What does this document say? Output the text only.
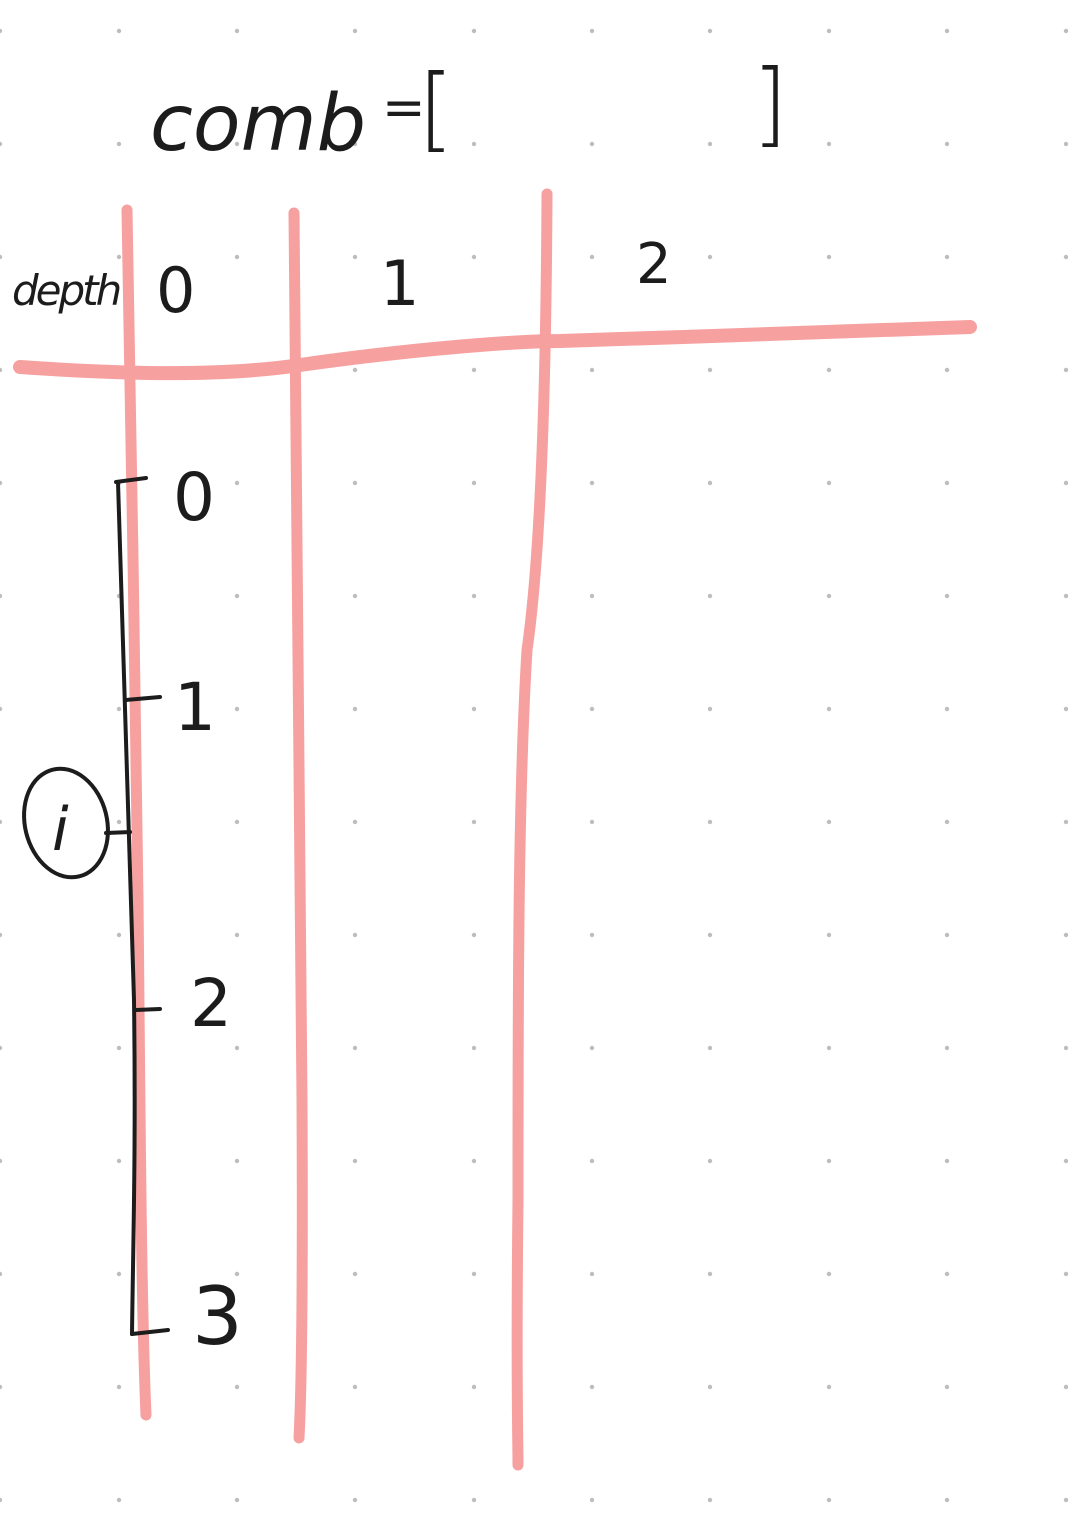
comb =
[	]
depth 0	1	2
0
1
2
3
i
